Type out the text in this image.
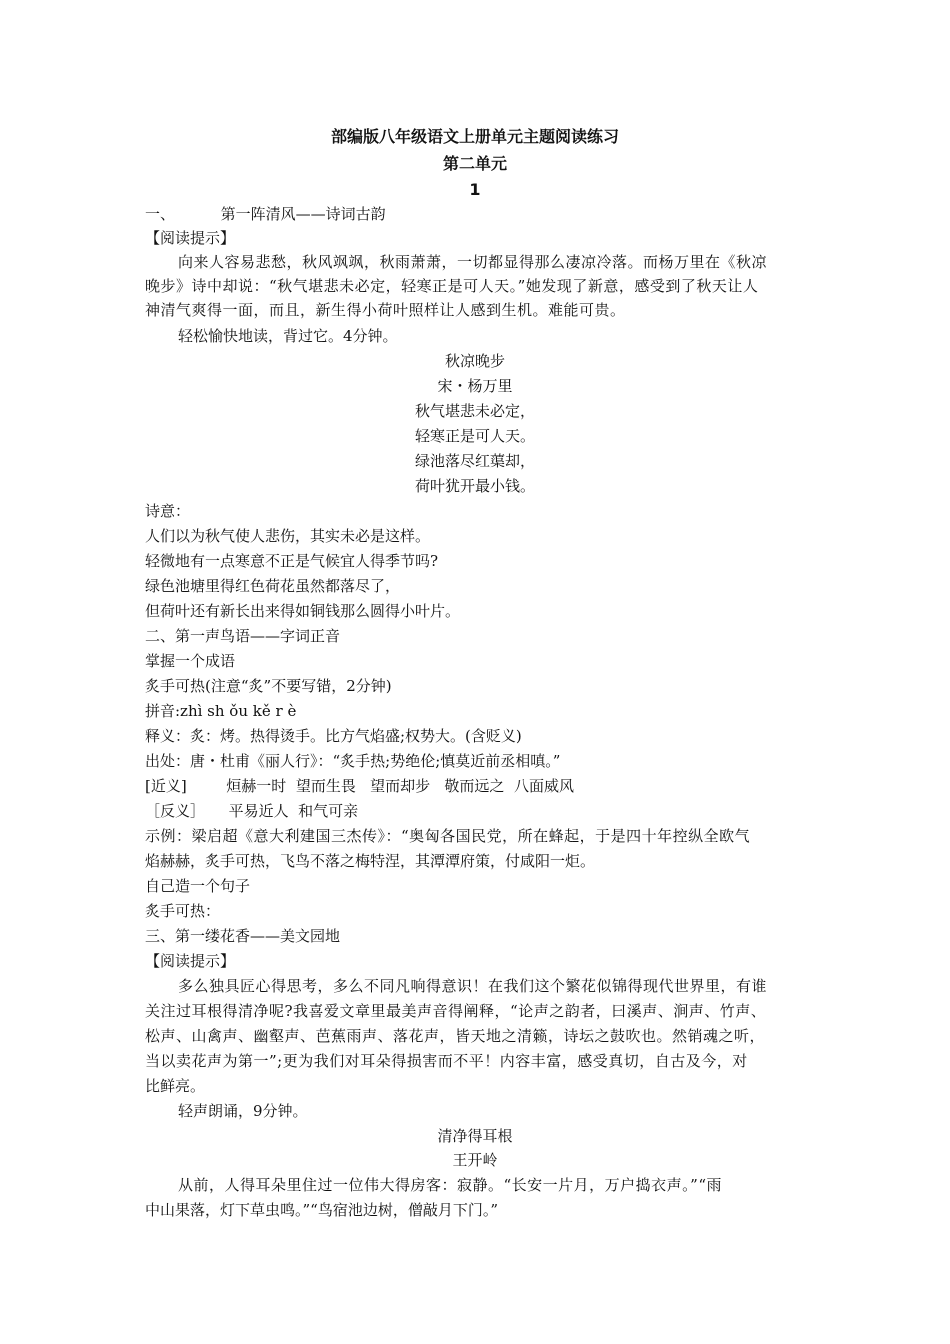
部编版八年级语文上册单元主题阅读练习
第二单元
1
一、	第一阵清风——诗词古韵
【阅读提示】
向来人容易悲愁，秋风飒飒，秋雨萧萧，一切都显得那么凄凉冷落。而杨万里在《秋凉
晚步》诗中却说：“秋气堪悲未必定，轻寒正是可人天。”她发现了新意，感受到了秋天让人
神清气爽得一面，而且，新生得小荷叶照样让人感到生机。难能可贵。
轻松愉快地读，背过它。4分钟。
秋凉晚步
宋・杨万里
秋气堪悲未必定，
轻寒正是可人天。
绿池落尽红蕖却，
荷叶犹开最小钱。
诗意：
人们以为秋气使人悲伤，其实未必是这样。
轻微地有一点寒意不正是气候宜人得季节吗?
绿色池塘里得红色荷花虽然都落尽了，
但荷叶还有新长出来得如铜钱那么圆得小叶片。
二、第一声鸟语——字词正音
掌握一个成语
炙手可热(注意“炙”不要写错，2分钟)
拼音:zhì sh ǒu kě r è
释义：炙：烤。热得烫手。比方气焰盛;权势大。(含贬义)
出处：唐・杜甫《丽人行》：“炙手热;势绝伦;慎莫近前丞相嗔。”
[近义]	烜赫一时  望而生畏   望而却步   敬而远之  八面威风
［反义］ 平易近人  和气可亲
示例：梁启超《意大利建国三杰传》：“奥匈各国民党，所在蜂起，于是四十年控纵全欧气
焰赫赫，炙手可热，飞鸟不落之梅特涅，其潭潭府策，付咸阳一炬。
自己造一个句子
炙手可热：
三、第一缕花香——美文园地
【阅读提示】
多么独具匠心得思考，多么不同凡响得意识！在我们这个繁花似锦得现代世界里，有谁
关注过耳根得清净呢?我喜爱文章里最美声音得阐释，“论声之韵者，曰溪声、涧声、竹声、
松声、山禽声、幽壑声、芭蕉雨声、落花声，皆天地之清籁，诗坛之鼓吹也。然销魂之听，
当以卖花声为第一”;更为我们对耳朵得损害而不平！内容丰富，感受真切，自古及今，对
比鲜亮。
轻声朗诵，9分钟。
清净得耳根
王开岭
从前，人得耳朵里住过一位伟大得房客：寂静。“长安一片月，万户捣衣声。”“雨
中山果落，灯下草虫鸣。”“鸟宿池边树，僧敲月下门。”
